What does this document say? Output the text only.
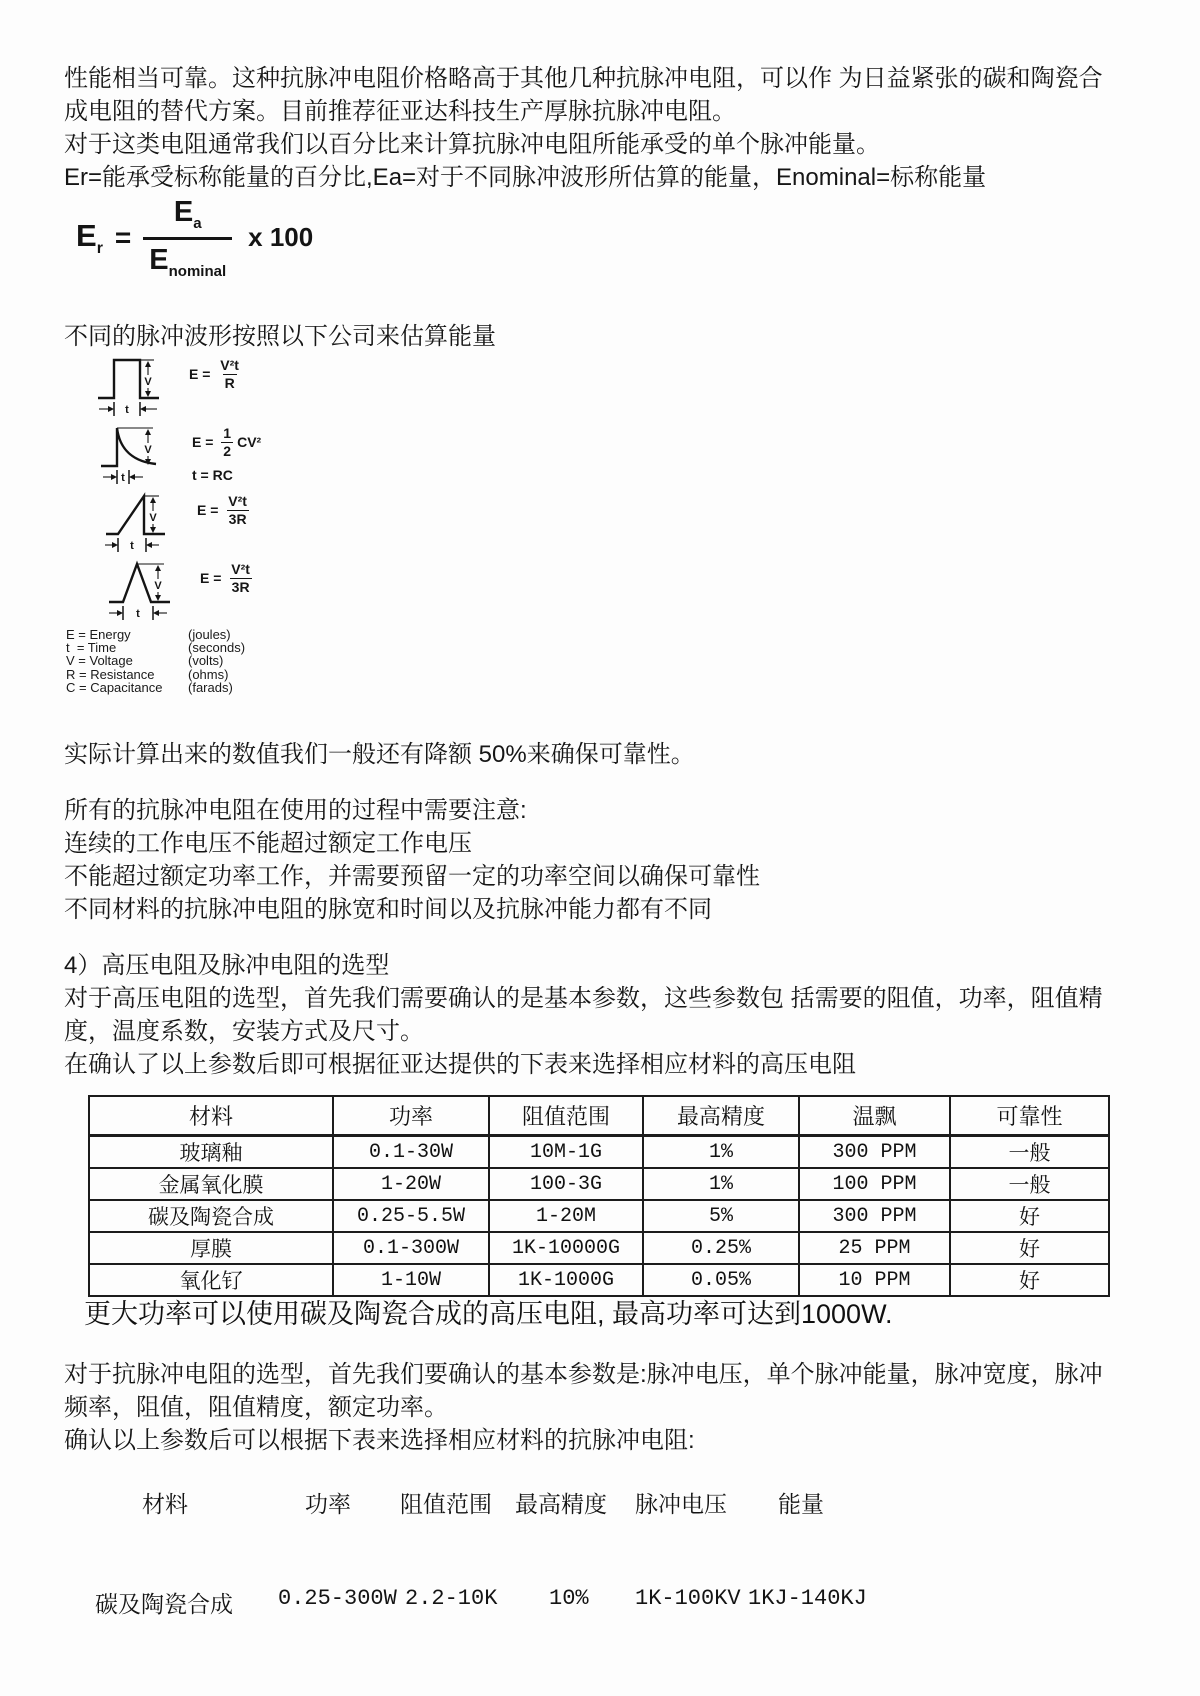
性能相当可靠。这种抗脉冲电阻价格略高于其他几种抗脉冲电阻，可以作 为日益紧张的碳和陶瓷合
成电阻的替代方案。目前推荐征亚达科技生产厚脉抗脉冲电阻。
对于这类电阻通常我们以百分比来计算抗脉冲电阻所能承受的单个脉冲能量。
Er=能承受标称能量的百分比,Ea=对于不同脉冲波形所估算的能量，Enominal=标称能量
$E_r = \frac{E_a}{E_{nominal}}$ x 100
不同的脉冲波形按照以下公司来估算能量
V
t
$E = \frac{\text{V²t}}{R}$
V
t
$E = \frac{1}{2} CV^2$
t = RC
V
t
$E = \frac{\text{V²t}}{3R}$
V
t
$E = \frac{\text{V²t}}{3R}$
E = Energy	(joules)
t  = Time	(seconds)
V = Voltage	(volts)
R = Resistance	(ohms)
C = Capacitance (farads)
实际计算出来的数值我们一般还有降额 50%来确保可靠性。
所有的抗脉冲电阻在使用的过程中需要注意:
连续的工作电压不能超过额定工作电压
不能超过额定功率工作，并需要预留一定的功率空间以确保可靠性
不同材料的抗脉冲电阻的脉宽和时间以及抗脉冲能力都有不同
4）高压电阻及脉冲电阻的选型
对于高压电阻的选型，首先我们需要确认的是基本参数，这些参数包 括需要的阻值，功率，阻值精
度，温度系数，安装方式及尺寸。
在确认了以上参数后即可根据征亚达提供的下表来选择相应材料的高压电阻
材料	功率	阻值范围	最高精度	温飘	可靠性
玻璃釉	0.1-30W	10M-1G	1%	300 PPM	一般
金属氧化膜	1-20W	100-3G	1%	100 PPM	一般
碳及陶瓷合成	0.25-5.5W	1-20M	5%	300 PPM	好
厚膜	0.1-300W	1K-10000G	0.25%	25 PPM	好
氧化钌	1-10W	1K-1000G	0.05%	10 PPM	好
更大功率可以使用碳及陶瓷合成的高压电阻, 最高功率可达到1000W.
对于抗脉冲电阻的选型，首先我们要确认的基本参数是:脉冲电压，单个脉冲能量，脉冲宽度，脉冲
频率，阻值，阻值精度，额定功率。
确认以上参数后可以根据下表来选择相应材料的抗脉冲电阻:
材料	功率 阻值范围 最高精度 脉冲电压 能量
碳及陶瓷合成 0.25-300W 2.2-10K 10% 1K-100KV 1KJ-140KJ
